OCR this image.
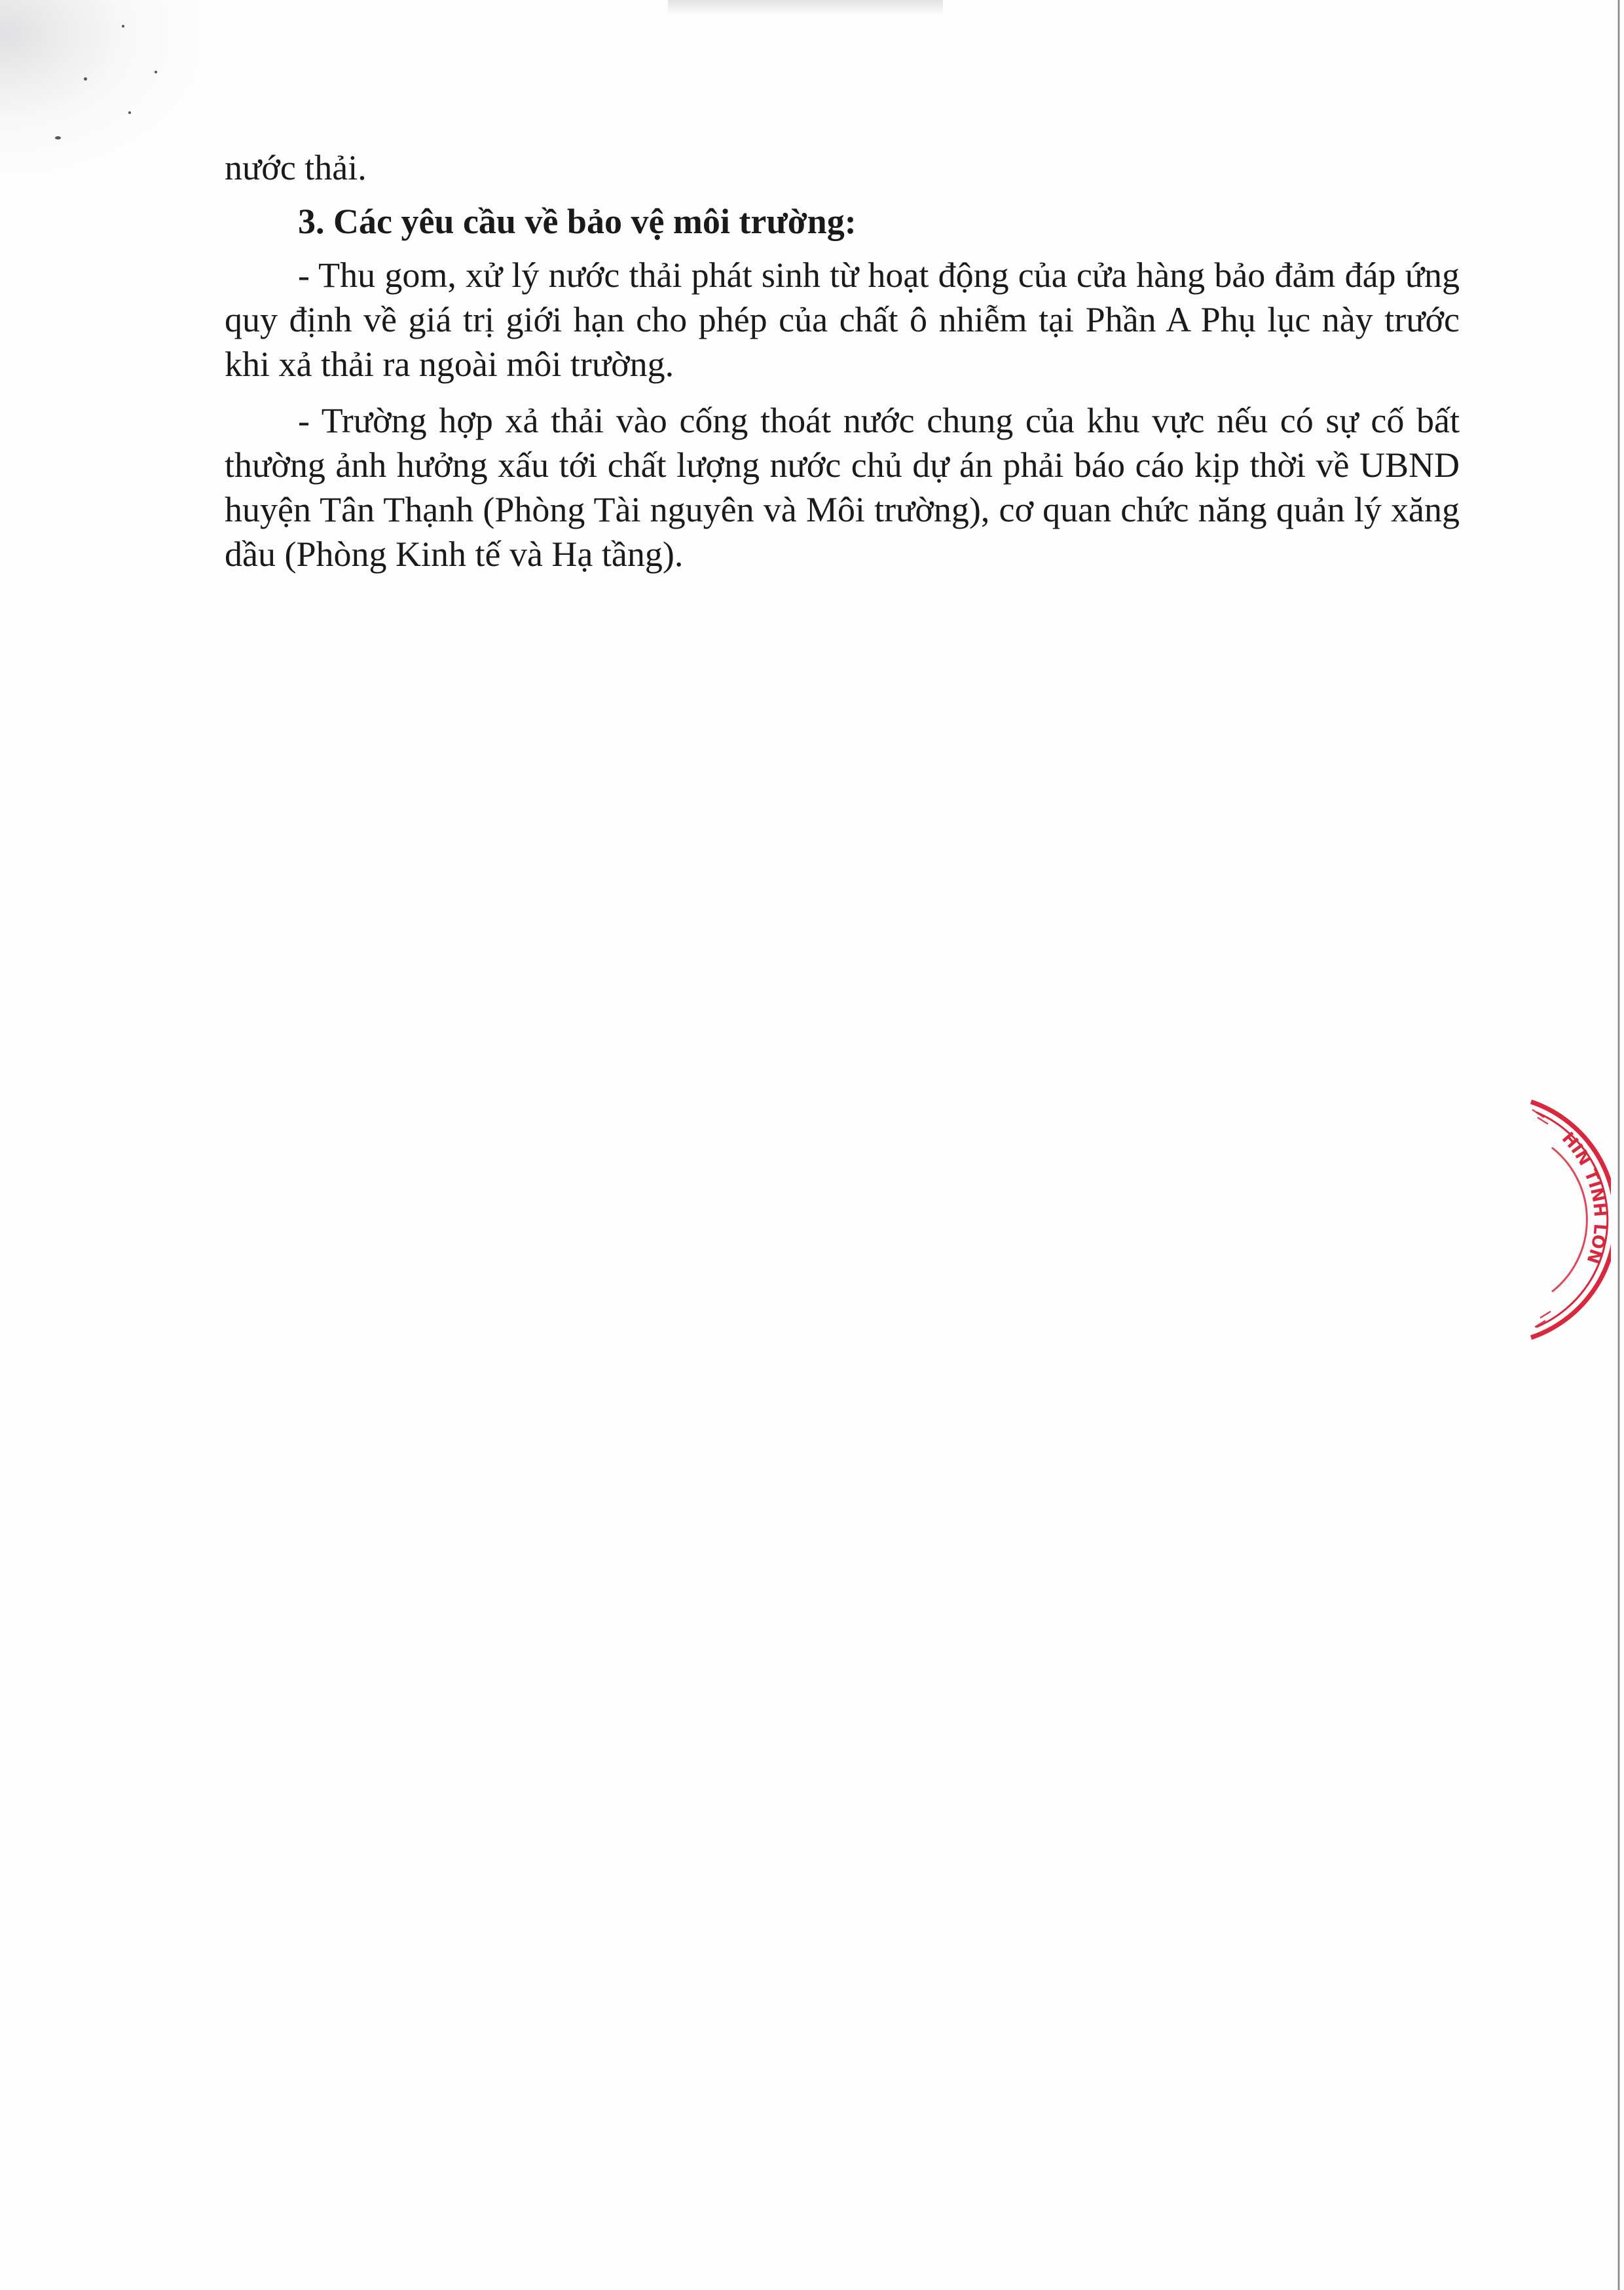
nước thải.

3. Các yêu cầu về bảo vệ môi trường:

- Thu gom, xử lý nước thải phát sinh từ hoạt động của cửa hàng bảo đảm đáp ứng quy định về giá trị giới hạn cho phép của chất ô nhiễm tại Phần A Phụ lục này trước khi xả thải ra ngoài môi trường.

- Trường hợp xả thải vào cống thoát nước chung của khu vực nếu có sự cố bất thường ảnh hưởng xấu tới chất lượng nước chủ dự án phải báo cáo kịp thời về UBND huyện Tân Thạnh (Phòng Tài nguyên và Môi trường), cơ quan chức năng quản lý xăng dầu (Phòng Kinh tế và Hạ tầng).

HIN TINH LON
